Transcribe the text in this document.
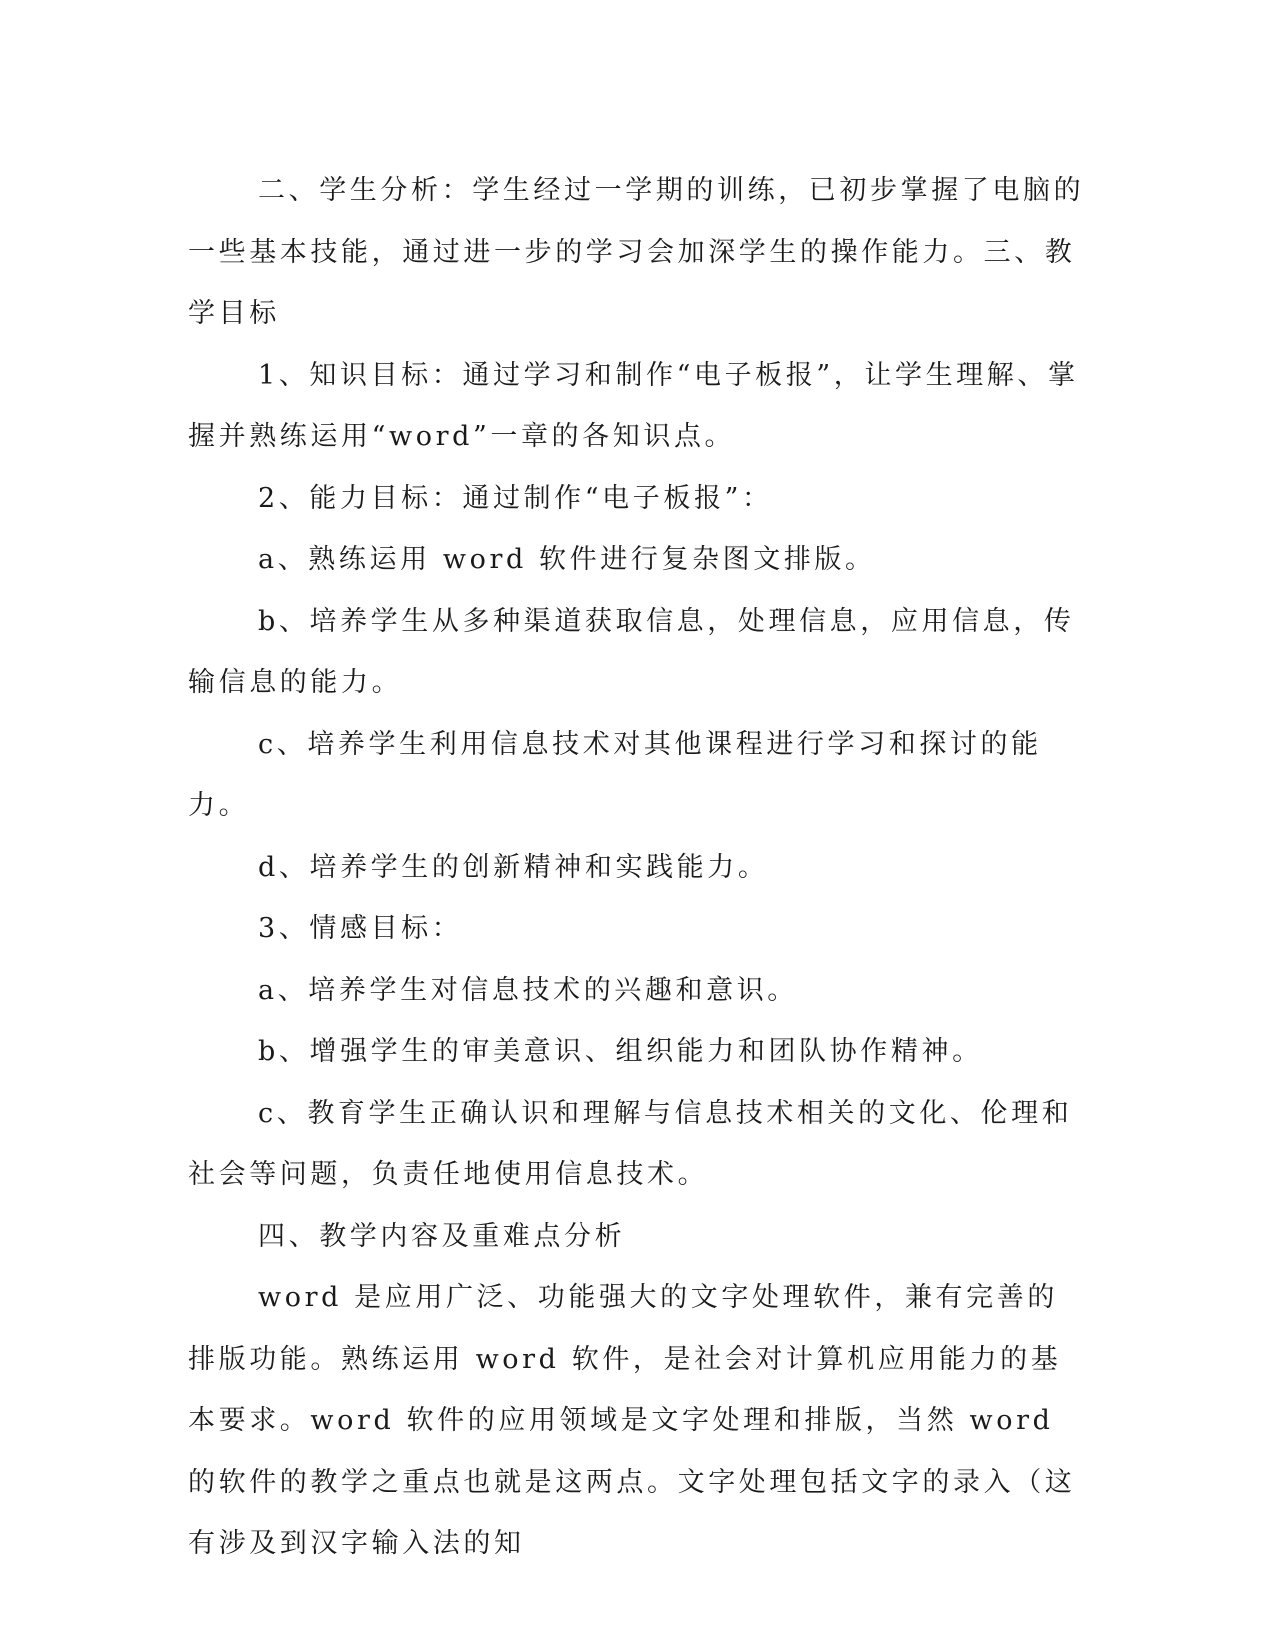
二、学生分析：学生经过一学期的训练，已初步掌握了电脑的一些基本技能，通过进一步的学习会加深学生的操作能力。三、教学目标

1、知识目标：通过学习和制作“电子板报”，让学生理解、掌握并熟练运用“word”一章的各知识点。

2、能力目标：通过制作“电子板报”：

a、熟练运用 word 软件进行复杂图文排版。

b、培养学生从多种渠道获取信息，处理信息，应用信息，传输信息的能力。

c、培养学生利用信息技术对其他课程进行学习和探讨的能力。

d、培养学生的创新精神和实践能力。

3、情感目标：

a、培养学生对信息技术的兴趣和意识。

b、增强学生的审美意识、组织能力和团队协作精神。

c、教育学生正确认识和理解与信息技术相关的文化、伦理和社会等问题，负责任地使用信息技术。

四、教学内容及重难点分析

word 是应用广泛、功能强大的文字处理软件，兼有完善的排版功能。熟练运用 word 软件，是社会对计算机应用能力的基本要求。word 软件的应用领域是文字处理和排版，当然 word 的软件的教学之重点也就是这两点。文字处理包括文字的录入（这有涉及到汉字输入法的知
